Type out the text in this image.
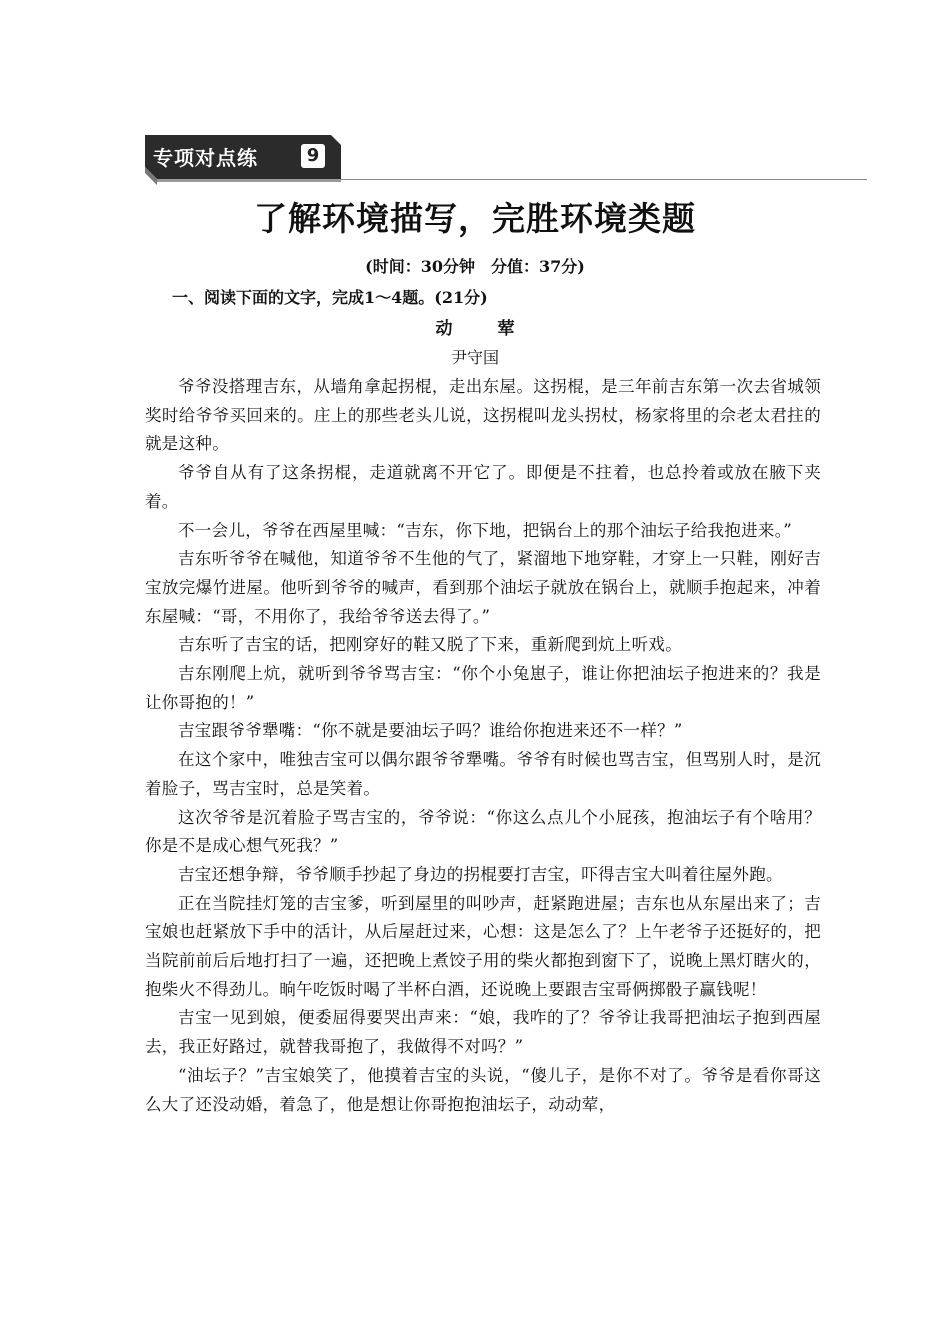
专项对点练	9
了解环境描写，完胜环境类题
(时间：30分钟　分值：37分)
一、阅读下面的文字，完成1～4题。(21分)
动　荤
尹守国

爷爷没搭理吉东，从墙角拿起拐棍，走出东屋。这拐棍，是三年前吉东第一次去省城领奖时给爷爷买回来的。庄上的那些老头儿说，这拐棍叫龙头拐杖，杨家将里的佘老太君拄的就是这种。

爷爷自从有了这条拐棍，走道就离不开它了。即便是不拄着，也总拎着或放在腋下夹着。

不一会儿，爷爷在西屋里喊：“吉东，你下地，把锅台上的那个油坛子给我抱进来。”

吉东听爷爷在喊他，知道爷爷不生他的气了，紧溜地下地穿鞋，才穿上一只鞋，刚好吉宝放完爆竹进屋。他听到爷爷的喊声，看到那个油坛子就放在锅台上，就顺手抱起来，冲着东屋喊：“哥，不用你了，我给爷爷送去得了。”

吉东听了吉宝的话，把刚穿好的鞋又脱了下来，重新爬到炕上听戏。

吉东刚爬上炕，就听到爷爷骂吉宝：“你个小兔崽子，谁让你把油坛子抱进来的？我是让你哥抱的！”

吉宝跟爷爷犟嘴：“你不就是要油坛子吗？谁给你抱进来还不一样？”

在这个家中，唯独吉宝可以偶尔跟爷爷犟嘴。爷爷有时候也骂吉宝，但骂别人时，是沉着脸子，骂吉宝时，总是笑着。

这次爷爷是沉着脸子骂吉宝的，爷爷说：“你这么点儿个小屁孩，抱油坛子有个啥用？你是不是成心想气死我？”

吉宝还想争辩，爷爷顺手抄起了身边的拐棍要打吉宝，吓得吉宝大叫着往屋外跑。

正在当院挂灯笼的吉宝爹，听到屋里的叫吵声，赶紧跑进屋；吉东也从东屋出来了；吉宝娘也赶紧放下手中的活计，从后屋赶过来，心想：这是怎么了？上午老爷子还挺好的，把当院前前后后地打扫了一遍，还把晚上煮饺子用的柴火都抱到窗下了，说晚上黑灯瞎火的，抱柴火不得劲儿。晌午吃饭时喝了半杯白酒，还说晚上要跟吉宝哥俩掷骰子赢钱呢！

吉宝一见到娘，便委屈得要哭出声来：“娘，我咋的了？爷爷让我哥把油坛子抱到西屋去，我正好路过，就替我哥抱了，我做得不对吗？”

“油坛子？”吉宝娘笑了，他摸着吉宝的头说，“傻儿子，是你不对了。爷爷是看你哥这么大了还没动婚，着急了，他是想让你哥抱抱油坛子，动动荤，
